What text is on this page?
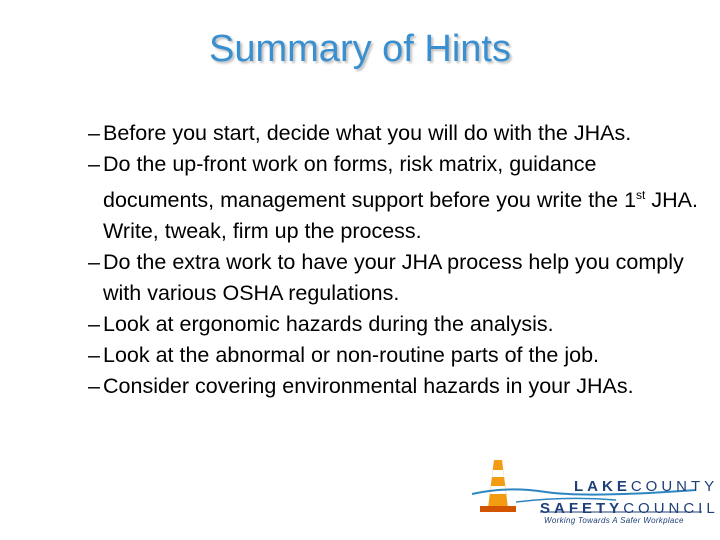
Summary of Hints
– Before you start, decide what you will do with the JHAs.
– Do the up-front work on forms, risk matrix, guidance documents, management support before you write the 1st JHA. Write, tweak, firm up the process.
– Do the extra work to have your JHA process help you comply with various OSHA regulations.
– Look at ergonomic hazards during the analysis.
– Look at the abnormal or non-routine parts of the job.
– Consider covering environmental hazards in your JHAs.
LAKECOUNTY
SAFETYCOUNCIL
Working Towards A Safer Workplace
